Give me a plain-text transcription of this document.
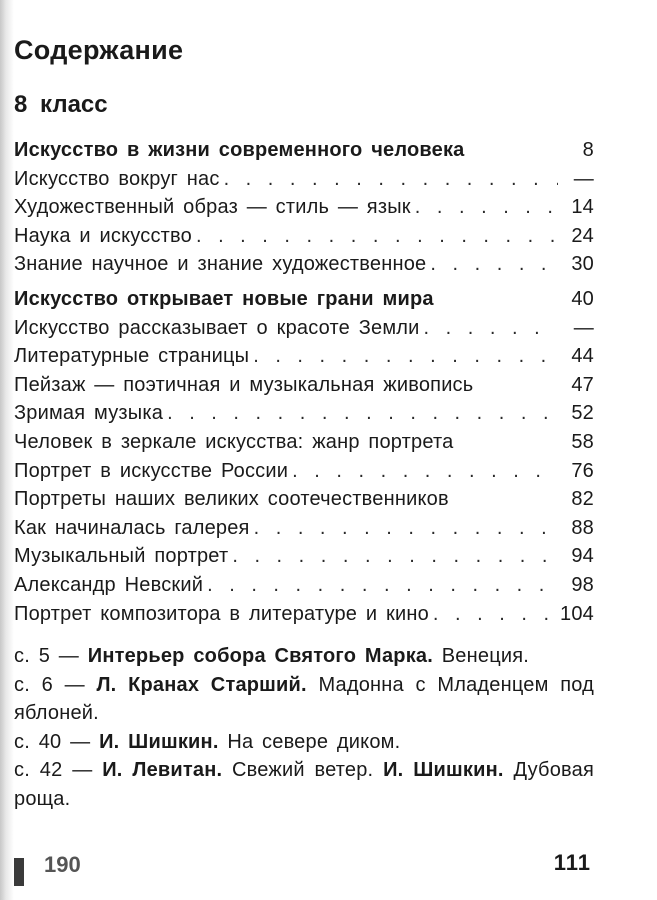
Содержание
8 класс
Искусство в жизни современного человека	8
Искусство вокруг нас . . .	—
Художественный образ — стиль — язык . . .	14
Наука и искусство . . .	24
Знание научное и знание художественное . . .	30
Искусство открывает новые грани мира	40
Искусство рассказывает о красоте Земли . . .	—
Литературные страницы . . .	44
Пейзаж — поэтичная и музыкальная живопись	47
Зримая музыка . . .	52
Человек в зеркале искусства: жанр портрета	58
Портрет в искусстве России . . .	76
Портреты наших великих соотечественников	82
Как начиналась галерея . . .	88
Музыкальный портрет . . .	94
Александр Невский . . .	98
Портрет композитора в литературе и кино . . .	104

с. 5 — Интерьер собора Святого Марка. Венеция.

с. 6 — Л. Кранах Старший. Мадонна с Младенцем под яблоней.

с. 40 — И. Шишкин. На севере диком.

с. 42 — И. Левитан. Свежий ветер. И. Шишкин. Дубовая роща.

190	111
